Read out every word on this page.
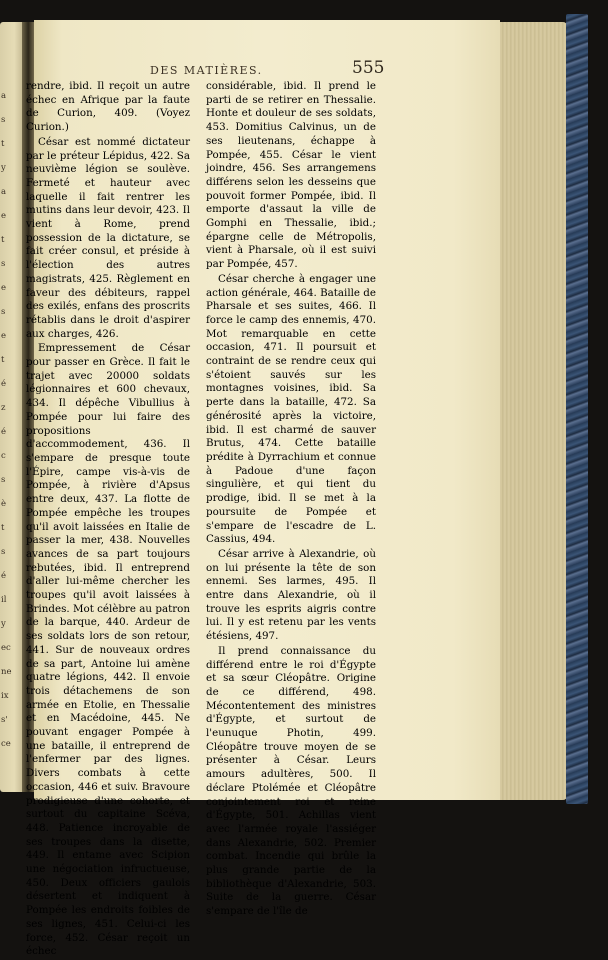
a
s
t
y
a
e
t
s
e
s
e
t
é
z
é
c
s
è
t
s
é
il
y
ec
ne
ix
s'
ce
DES MATIÈRES.	555

rendre, ibid. Il reçoit un autre échec en Afrique par la faute de Curion, 409. (Voyez Curion.)

César est nommé dictateur par le préteur Lépidus, 422. Sa neuvième légion se soulève. Fermeté et hauteur avec laquelle il fait rentrer les mutins dans leur devoir, 423. Il vient à Rome, prend possession de la dictature, se fait créer consul, et préside à l'élection des autres magistrats, 425. Règlement en faveur des débiteurs, rappel des exilés, enfans des proscrits rétablis dans le droit d'aspirer aux charges, 426.

Empressement de César pour passer en Grèce. Il fait le trajet avec 20000 soldats légionnaires et 600 chevaux, 434. Il dépêche Vibullius à Pompée pour lui faire des propositions d'accommodement, 436. Il s'empare de presque toute l'Épire, campe vis-à-vis de Pompée, à rivière d'Apsus entre deux, 437. La flotte de Pompée empêche les troupes qu'il avoit laissées en Italie de passer la mer, 438. Nouvelles avances de sa part toujours rebutées, ibid. Il entreprend d'aller lui-même chercher les troupes qu'il avoit laissées à Brindes. Mot célèbre au patron de la barque, 440. Ardeur de ses soldats lors de son retour, 441. Sur de nouveaux ordres de sa part, Antoine lui amène quatre légions, 442. Il envoie trois détachemens de son armée en Etolie, en Thessalie et en Macédoine, 445. Ne pouvant engager Pompée à une bataille, il entreprend de l'enfermer par des lignes. Divers combats à cette occasion, 446 et suiv. Bravoure prodigieuse d'une cohorte, et surtout du capitaine Scéva, 448. Patience incroyable de ses troupes dans la disette, 449. Il entame avec Scipion une négociation infructueuse, 450. Deux officiers gaulois désertent et indiquent à Pompée les endroits foibles de ses lignes, 451. Celui-ci les force, 452. César reçoit un échec

considérable, ibid. Il prend le parti de se retirer en Thessalie. Honte et douleur de ses soldats, 453. Domitius Calvinus, un de ses lieutenans, échappe à Pompée, 455. César le vient joindre, 456. Ses arrangemens différens selon les desseins que pouvoit former Pompée, ibid. Il emporte d'assaut la ville de Gomphi en Thessalie, ibid.; épargne celle de Métropolis, vient à Pharsale, où il est suivi par Pompée, 457.

César cherche à engager une action générale, 464. Bataille de Pharsale et ses suites, 466. Il force le camp des ennemis, 470. Mot remarquable en cette occasion, 471. Il poursuit et contraint de se rendre ceux qui s'étoient sauvés sur les montagnes voisines, ibid. Sa perte dans la bataille, 472. Sa générosité après la victoire, ibid. Il est charmé de sauver Brutus, 474. Cette bataille prédite à Dyrrachium et connue à Padoue d'une façon singulière, et qui tient du prodige, ibid. Il se met à la poursuite de Pompée et s'empare de l'escadre de L. Cassius, 494.

César arrive à Alexandrie, où on lui présente la tête de son ennemi. Ses larmes, 495. Il entre dans Alexandrie, où il trouve les esprits aigris contre lui. Il y est retenu par les vents étésiens, 497.

Il prend connaissance du différend entre le roi d'Égypte et sa sœur Cléopâtre. Origine de ce différend, 498. Mécontentement des ministres d'Égypte, et surtout de l'eunuque Photin, 499. Cléopâtre trouve moyen de se présenter à César. Leurs amours adultères, 500. Il déclare Ptolémée et Cléopâtre conjointement roi et reine d'Égypte, 501. Achillas vient avec l'armée royale l'assiéger dans Alexandrie, 502. Premier combat. Incendie qui brûle la plus grande partie de la bibliothèque d'Alexandrie, 503. Suite de la guerre. César s'empare de l'île de
